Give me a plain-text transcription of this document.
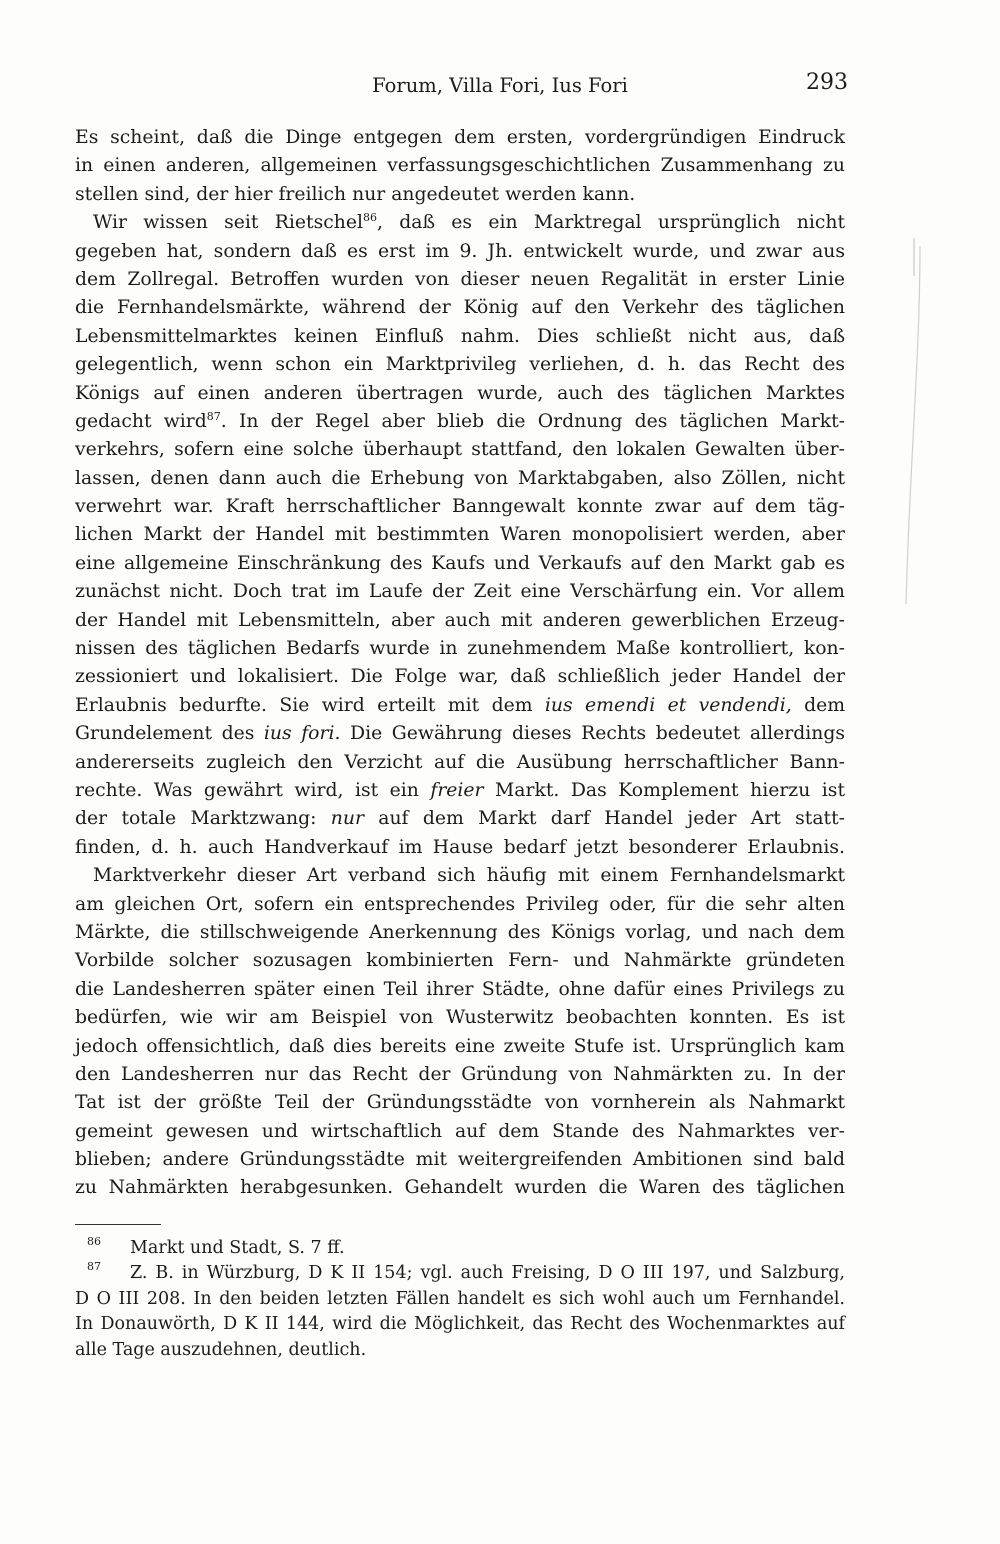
Forum, Villa Fori, Ius Fori	293
Es scheint, daß die Dinge entgegen dem ersten, vordergründigen Eindruck
in einen anderen, allgemeinen verfassungsgeschichtlichen Zusammenhang zu
stellen sind, der hier freilich nur angedeutet werden kann.
Wir wissen seit Rietschel$^{86}$, daß es ein Marktregal ursprünglich nicht
gegeben hat, sondern daß es erst im 9. Jh. entwickelt wurde, und zwar aus
dem Zollregal. Betroffen wurden von dieser neuen Regalität in erster Linie
die Fernhandelsmärkte, während der König auf den Verkehr des täglichen
Lebensmittelmarktes keinen Einfluß nahm. Dies schließt nicht aus, daß
gelegentlich, wenn schon ein Marktprivileg verliehen, d. h. das Recht des
Königs auf einen anderen übertragen wurde, auch des täglichen Marktes
gedacht wird$^{87}$. In der Regel aber blieb die Ordnung des täglichen Markt-
verkehrs, sofern eine solche überhaupt stattfand, den lokalen Gewalten über-
lassen, denen dann auch die Erhebung von Marktabgaben, also Zöllen, nicht
verwehrt war. Kraft herrschaftlicher Banngewalt konnte zwar auf dem täg-
lichen Markt der Handel mit bestimmten Waren monopolisiert werden, aber
eine allgemeine Einschränkung des Kaufs und Verkaufs auf den Markt gab es
zunächst nicht. Doch trat im Laufe der Zeit eine Verschärfung ein. Vor allem
der Handel mit Lebensmitteln, aber auch mit anderen gewerblichen Erzeug-
nissen des täglichen Bedarfs wurde in zunehmendem Maße kontrolliert, kon-
zessioniert und lokalisiert. Die Folge war, daß schließlich jeder Handel der
Erlaubnis bedurfte. Sie wird erteilt mit dem ius emendi et vendendi, dem
Grundelement des ius fori. Die Gewährung dieses Rechts bedeutet allerdings
andererseits zugleich den Verzicht auf die Ausübung herrschaftlicher Bann-
rechte. Was gewährt wird, ist ein freier Markt. Das Komplement hierzu ist
der totale Marktzwang: nur auf dem Markt darf Handel jeder Art statt-
finden, d. h. auch Handverkauf im Hause bedarf jetzt besonderer Erlaubnis.
Marktverkehr dieser Art verband sich häufig mit einem Fernhandelsmarkt
am gleichen Ort, sofern ein entsprechendes Privileg oder, für die sehr alten
Märkte, die stillschweigende Anerkennung des Königs vorlag, und nach dem
Vorbilde solcher sozusagen kombinierten Fern- und Nahmärkte gründeten
die Landesherren später einen Teil ihrer Städte, ohne dafür eines Privilegs zu
bedürfen, wie wir am Beispiel von Wusterwitz beobachten konnten. Es ist
jedoch offensichtlich, daß dies bereits eine zweite Stufe ist. Ursprünglich kam
den Landesherren nur das Recht der Gründung von Nahmärkten zu. In der
Tat ist der größte Teil der Gründungsstädte von vornherein als Nahmarkt
gemeint gewesen und wirtschaftlich auf dem Stande des Nahmarktes ver-
blieben; andere Gründungsstädte mit weitergreifenden Ambitionen sind bald
zu Nahmärkten herabgesunken. Gehandelt wurden die Waren des täglichen
86	Markt und Stadt, S. 7 ff.
87	Z. B. in Würzburg, D K II 154; vgl. auch Freising, D O III 197, und Salzburg,
D O III 208. In den beiden letzten Fällen handelt es sich wohl auch um Fernhandel.
In Donauwörth, D K II 144, wird die Möglichkeit, das Recht des Wochenmarktes auf
alle Tage auszudehnen, deutlich.
